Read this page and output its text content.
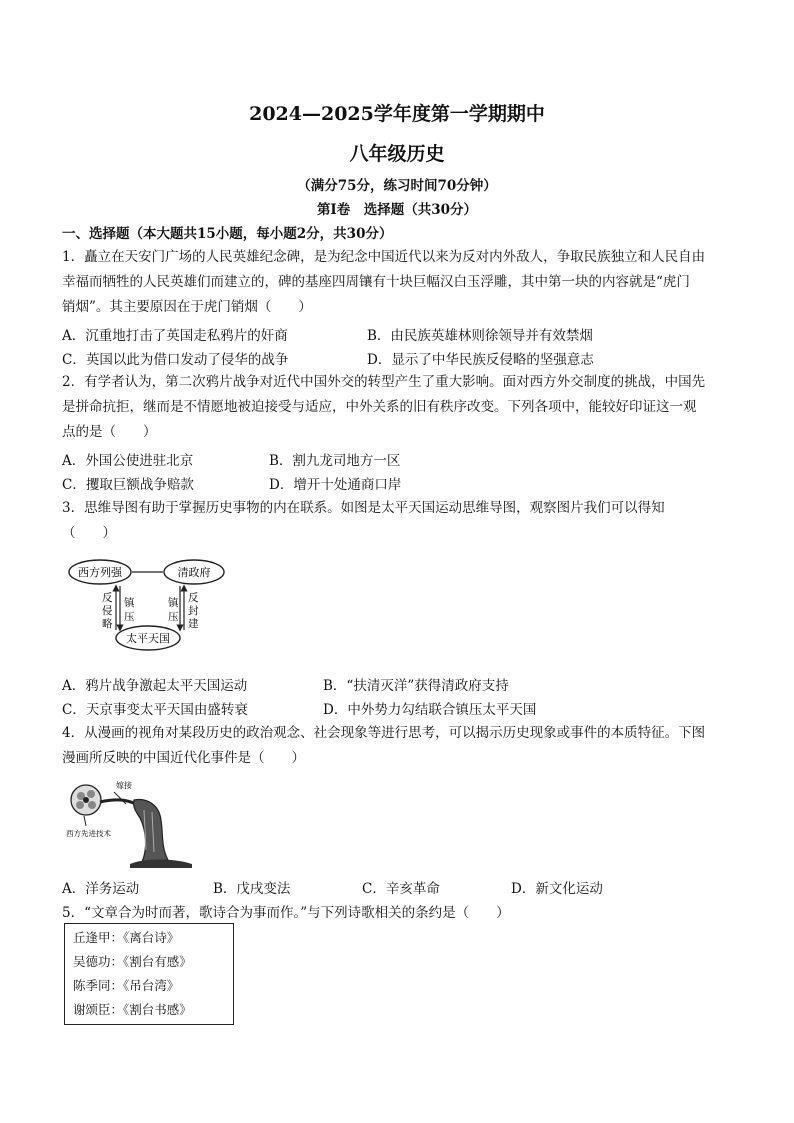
2024—2025学年度第一学期期中
八年级历史
（满分75分，练习时间70分钟）
第Ⅰ卷　选择题（共30分）
一、选择题（本大题共15小题，每小题2分，共30分）
1．矗立在天安门广场的人民英雄纪念碑，是为纪念中国近代以来为反对内外敌人，争取民族独立和人民自由
幸福而牺牲的人民英雄们而建立的，碑的基座四周镶有十块巨幅汉白玉浮雕，其中第一块的内容就是“虎门
销烟”。其主要原因在于虎门销烟（　　）
A．沉重地打击了英国走私鸦片的奸商	B．由民族英雄林则徐领导并有效禁烟
C．英国以此为借口发动了侵华的战争	D．显示了中华民族反侵略的坚强意志
2．有学者认为，第二次鸦片战争对近代中国外交的转型产生了重大影响。面对西方外交制度的挑战，中国先
是拼命抗拒，继而是不情愿地被迫接受与适应，中外关系的旧有秩序改变。下列各项中，能较好印证这一观
点的是（　　）
A．外国公使进驻北京	B．割九龙司地方一区
C．攫取巨额战争赔款	D．增开十处通商口岸
3．思维导图有助于掌握历史事物的内在联系。如图是太平天国运动思维导图，观察图片我们可以得知
（　　）
西方列强	清政府
太平天国
反
侵
略
镇
压
镇
压
反
封
建
A．鸦片战争激起太平天国运动	B．“扶清灭洋”获得清政府支持
C．天京事变太平天国由盛转衰	D．中外势力勾结联合镇压太平天国
4．从漫画的视角对某段历史的政治观念、社会现象等进行思考，可以揭示历史现象或事件的本质特征。下图
漫画所反映的中国近代化事件是（　　）
嫁接
西方先进技术
A．洋务运动	B．戊戌变法	C．辛亥革命	D．新文化运动
5．“文章合为时而著，歌诗合为事而作。”与下列诗歌相关的条约是（　　）
丘逢甲：《离台诗》
吴德功：《割台有感》
陈季同：《吊台湾》
谢颂臣：《割台书感》
